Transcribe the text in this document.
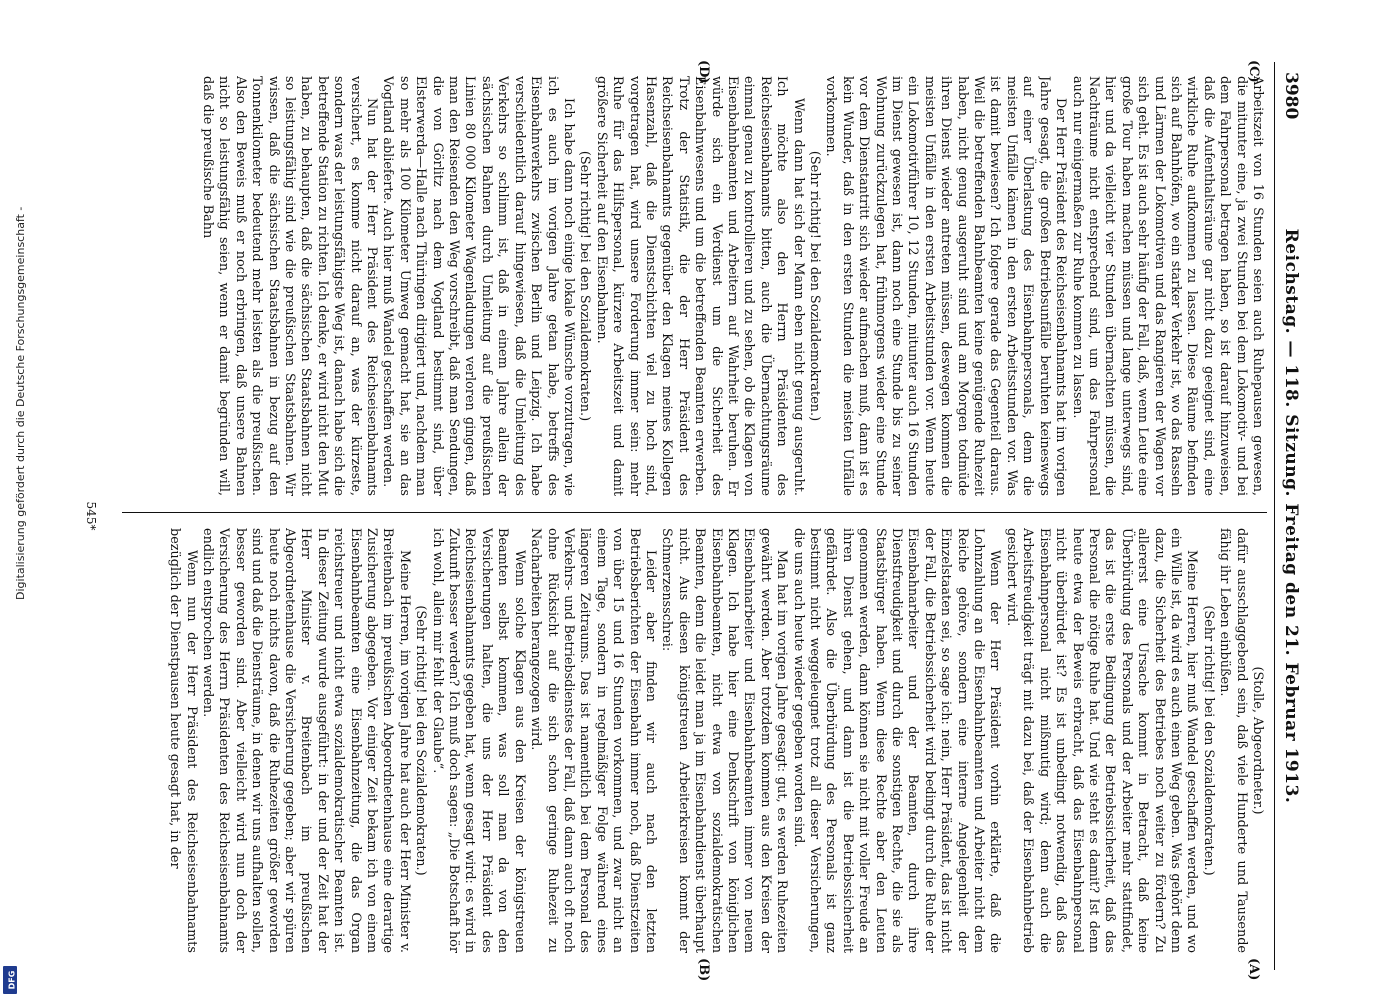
Digitalisierung gefördert durch die Deutsche Forschungsgemeinschaft -
DFG
3980
Reichstag. — 118. Sitzung. Freitag den 21. Februar 1913.
(C)
(D)
(A)
(B)

Arbeitszeit von 16 Stunden seien auch Ruhepausen gewesen, die mitunter eine, ja zwei Stunden bei dem Lokomotiv- und bei dem Fahrpersonal betragen haben, so ist darauf hinzuweisen, daß die Aufenthaltsräume gar nicht dazu geeignet sind, eine wirkliche Ruhe aufkommen zu lassen. Diese Räume befinden sich auf Bahnhöfen, wo ein starker Verkehr ist, wo das Rasseln und Lärmen der Lokomotiven und das Rangieren der Wagen vor sich geht. Es ist auch sehr häufig der Fall, daß, wenn Leute eine große Tour haben machen müssen und lange unterwegs sind, hier und da vielleicht vier Stunden übernachten müssen, die Nachträume nicht entsprechend sind, um das Fahrpersonal auch nur einigermaßen zur Ruhe kommen zu lassen.

Der Herr Präsident des Reichseisenbahnamts hat im vorigen Jahre gesagt, die großen Betriebsunfälle beruhten keineswegs auf einer Überlastung des Eisenbahnpersonals, denn die meisten Unfälle kämen in den ersten Arbeitsstunden vor. Was ist damit bewiesen? Ich folgere gerade das Gegenteil daraus. Weil die betreffenden Bahnbeamten keine genügende Ruhezeit haben, nicht genug ausgeruht sind und am Morgen todmüde ihren Dienst wieder antreten müssen, deswegen kommen die meisten Unfälle in den ersten Arbeitsstunden vor. Wenn heute ein Lokomotivführer 10, 12 Stunden, mitunter auch 16 Stunden im Dienst gewesen ist, dann noch eine Stunde bis zu seiner Wohnung zurückzulegen hat, frühmorgens wieder eine Stunde vor dem Dienstantritt sich wieder aufmachen muß, dann ist es kein Wunder, daß in den ersten Stunden die meisten Unfälle vorkommen.

(Sehr richtig! bei den Sozialdemokraten.)

Wenn dann hat sich der Mann eben nicht genug ausgeruht. Ich möchte also den Herrn Präsidenten des Reichseisenbahnamts bitten, auch die Übernachtungsräume einmal genau zu kontrollieren und zu sehen, ob die Klagen von Eisenbahnbeamten und Arbeitern auf Wahrheit beruhen. Er würde sich ein Verdienst um die Sicherheit des Eisenbahnwesens und um die betreffenden Beamten erwerben. Trotz der Statistik, die der Herr Präsident des Reichseisenbahnamts gegenüber den Klagen meines Kollegen Hasenzahl, daß die Dienstschichten viel zu hoch sind, vorgetragen hat, wird unsere Forderung immer sein: mehr Ruhe für das Hilfspersonal, kürzere Arbeitszeit und damit größere Sicherheit auf den Eisenbahnen.

(Sehr richtig! bei den Sozialdemokraten.)

Ich habe dann noch einige lokale Wünsche vorzutragen, wie ich es auch im vorigen Jahre getan habe, betreffs des Eisenbahnverkehrs zwischen Berlin und Leipzig. Ich habe verschiedentlich darauf hingewiesen, daß die Umleitung des Verkehrs so schlimm ist, daß in einem Jahre allein der sächsischen Bahnen durch Umleitung auf die preußischen Linien 80 000 Kilometer Wagenladungen verloren gingen, daß man den Reisenden den Weg vorschreibt, daß man Sendungen, die von Görlitz nach dem Vogtland bestimmt sind, über Elsterwerda—Halle nach Thüringen dirigiert und, nachdem man so mehr als 100 Kilometer Umweg gemacht hat, sie an das Vogtland ablieferte. Auch hier muß Wandel geschaffen werden.

Nun hat der Herr Präsident des Reichseisenbahnamts versichert, es komme nicht darauf an, was der kürzeste, sondern was der leistungsfähigste Weg ist, danach habe sich die betreffende Station zu richten. Ich denke, er wird nicht den Mut haben, zu behaupten, daß die sächsischen Staatsbahnen nicht so leistungsfähig sind wie die preußischen Staatsbahnen. Wir wissen, daß die sächsischen Staatsbahnen in bezug auf den Tonnenkilometer bedeutend mehr leisten als die preußischen. Also den Beweis muß er noch erbringen, daß unsere Bahnen nicht so leistungsfähig seien, wenn er damit begründen will, daß die preußische Bahn

(Stolle, Abgeordneter.)

dafür ausschlaggebend sein, daß viele Hunderte und Tausende fähig ihr Leben einbüßen.

(Sehr richtig! bei den Sozialdemokraten.)

Meine Herren, hier muß Wandel geschaffen werden, und wo ein Wille ist, da wird es auch einen Weg geben. Was gehört denn dazu, die Sicherheit des Betriebes noch weiter zu fördern? Zu allererst eine Ursache kommt in Betracht, daß keine Überbürdung des Personals und der Arbeiter mehr stattfindet, das ist die erste Bedingung der Betriebssicherheit, daß das Personal die nötige Ruhe hat. Und wie steht es damit? Ist denn heute etwa der Beweis erbracht, daß das Eisenbahnpersonal nicht überbürdet ist? Es ist unbedingt notwendig, daß das Eisenbahnpersonal nicht mißmutig wird; denn auch die Arbeitsfreudigkeit trägt mit dazu bei, daß der Eisenbahnbetrieb gesichert wird.

Wenn der Herr Präsident vorhin erklärte, daß die Lohnzahlung an die Eisenbahnbeamten und Arbeiter nicht dem Reiche gehöre, sondern eine interne Angelegenheit der Einzelstaaten sei, so sage ich: nein, Herr Präsident, das ist nicht der Fall, die Betriebssicherheit wird bedingt durch die Ruhe der Eisenbahnarbeiter und der Beamten, durch ihre Dienstfreudigkeit und durch die sonstigen Rechte, die sie als Staatsbürger haben. Wenn diese Rechte aber den Leuten genommen werden, dann können sie nicht mit voller Freude an ihren Dienst gehen, und dann ist die Betriebssicherheit gefährdet. Also die Überbürdung des Personals ist ganz bestimmt nicht weggeleugnet trotz all dieser Versicherungen, die uns auch heute wieder gegeben worden sind.

Man hat im vorigen Jahre gesagt: gut, es werden Ruhezeiten gewährt werden. Aber trotzdem kommen aus den Kreisen der Eisenbahnarbeiter und Eisenbahnbeamten immer von neuem Klagen. Ich habe hier eine Denkschrift von königlichen Eisenbahnbeamten, nicht etwa von sozialdemokratischen Beamten, denn die leidet man ja im Eisenbahndienst überhaupt nicht. Aus diesen königstreuen Arbeiterkreisen kommt der Schmerzensschrei:

Leider aber finden wir auch nach den letzten Betriebsberichten der Eisenbahn immer noch, daß Dienstzeiten von über 15 und 16 Stunden vorkommen, und zwar nicht an einem Tage, sondern in regelmäßiger Folge während eines längeren Zeitraums. Das ist namentlich bei dem Personal des Verkehrs- und Betriebsdienstes der Fall, daß dann auch oft noch ohne Rücksicht auf die sich schon geringe Ruhezeit zu Nacharbeiten herangezogen wird.

Wenn solche Klagen aus den Kreisen der königstreuen Beamten selbst kommen, was soll man da von den Versicherungen halten, die uns der Herr Präsident des Reichseisenbahnamts gegeben hat, wenn gesagt wird: es wird in Zukunft besser werden? Ich muß doch sagen: „Die Botschaft hör ich wohl, allein mir fehlt der Glaube“.

(Sehr richtig! bei den Sozialdemokraten.)

Meine Herren, im vorigen Jahre hat auch der Herr Minister v. Breitenbach im preußischen Abgeordnetenhause eine derartige Zusicherung abgegeben. Vor einiger Zeit bekam ich von einem Eisenbahnbeamten eine Eisenbahnzeitung, die das Organ reichstreuer und nicht etwa sozialdemokratischer Beamten ist. In dieser Zeitung wurde ausgeführt: in der und der Zeit hat der Herr Minister v. Breitenbach im preußischen Abgeordnetenhause die Versicherung gegeben; aber wir spüren heute noch nichts davon, daß die Ruhezeiten größer geworden sind und daß die Diensträume, in denen wir uns aufhalten sollen, besser geworden sind. Aber vielleicht wird nun doch der Versicherung des Herrn Präsidenten des Reichseisenbahnamts endlich entsprochen werden.

Wenn nun der Herr Präsident des Reichseisenbahnamts bezüglich der Dienstpausen heute gesagt hat, in der

545*
